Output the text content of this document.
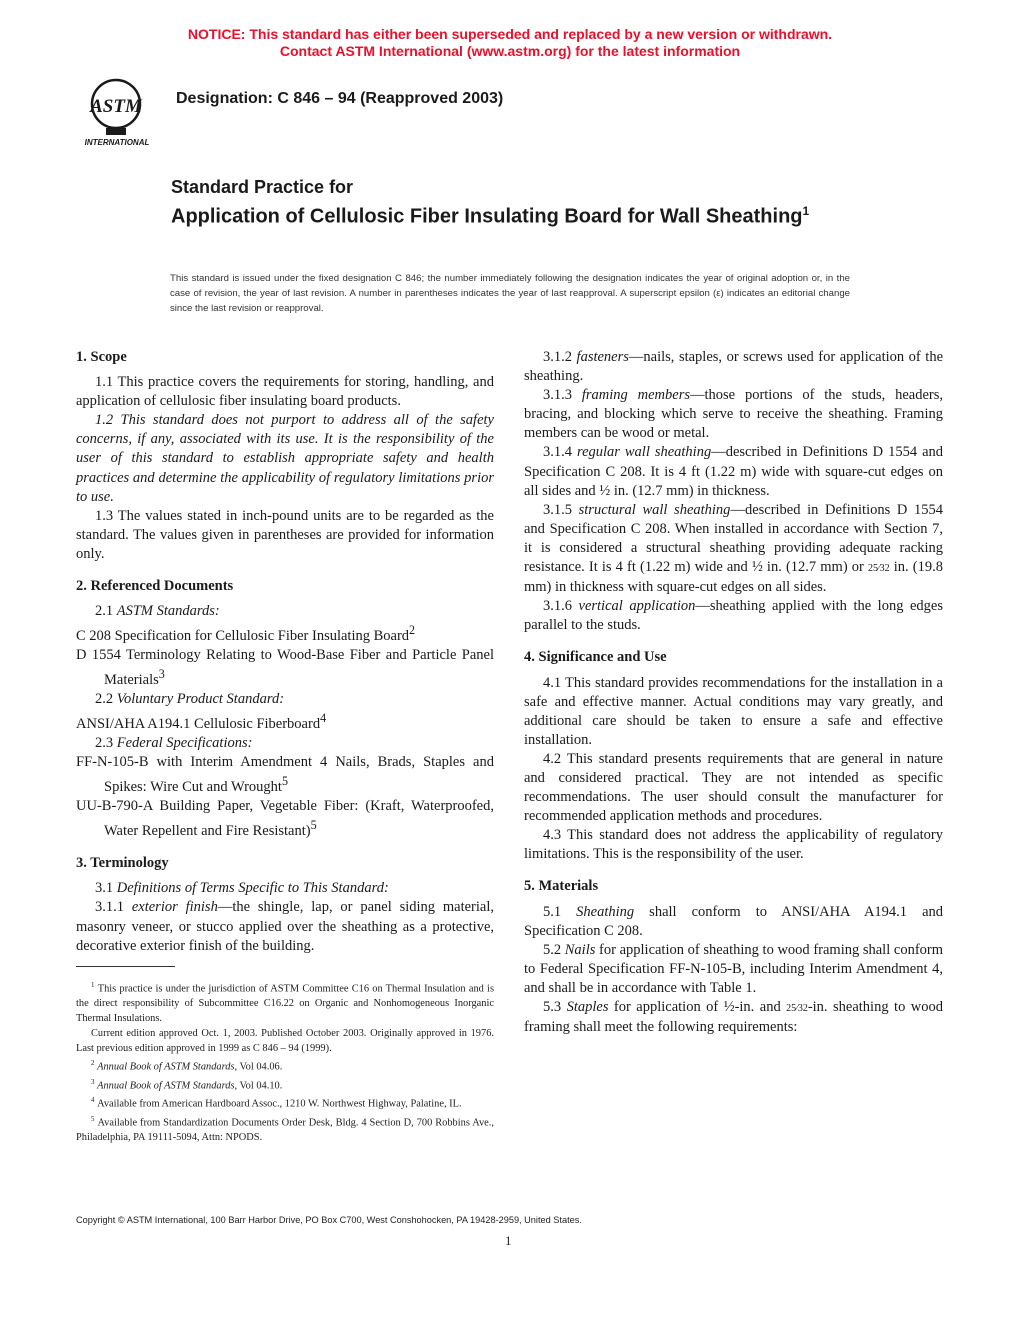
NOTICE: This standard has either been superseded and replaced by a new version or withdrawn.
Contact ASTM International (www.astm.org) for the latest information
ASTM
INTERNATIONAL
Designation: C 846 – 94 (Reapproved 2003)
Standard Practice for
Application of Cellulosic Fiber Insulating Board for Wall Sheathing$^1$
This standard is issued under the fixed designation C 846; the number immediately following the designation indicates the year of original adoption or, in the case of revision, the year of last revision. A number in parentheses indicates the year of last reapproval. A superscript epsilon (ε) indicates an editorial change since the last revision or reapproval.

1. Scope

1.1 This practice covers the requirements for storing, handling, and application of cellulosic fiber insulating board products.

1.2 This standard does not purport to address all of the safety concerns, if any, associated with its use. It is the responsibility of the user of this standard to establish appropriate safety and health practices and determine the applicability of regulatory limitations prior to use.

1.3 The values stated in inch-pound units are to be regarded as the standard. The values given in parentheses are provided for information only.

2. Referenced Documents

2.1 ASTM Standards:

C 208 Specification for Cellulosic Fiber Insulating Board$^2$

D 1554 Terminology Relating to Wood-Base Fiber and Particle Panel Materials$^3$

2.2 Voluntary Product Standard:

ANSI/AHA A194.1 Cellulosic Fiberboard$^4$

2.3 Federal Specifications:

FF-N-105-B with Interim Amendment 4 Nails, Brads, Staples and Spikes: Wire Cut and Wrought$^5$

UU-B-790-A Building Paper, Vegetable Fiber: (Kraft, Waterproofed, Water Repellent and Fire Resistant)$^5$

3. Terminology

3.1 Definitions of Terms Specific to This Standard:

3.1.1 exterior finish—the shingle, lap, or panel siding material, masonry veneer, or stucco applied over the sheathing as a protective, decorative exterior finish of the building.

3.1.2 fasteners—nails, staples, or screws used for application of the sheathing.

3.1.3 framing members—those portions of the studs, headers, bracing, and blocking which serve to receive the sheathing. Framing members can be wood or metal.

3.1.4 regular wall sheathing—described in Definitions D 1554 and Specification C 208. It is 4 ft (1.22 m) wide with square-cut edges on all sides and ½ in. (12.7 mm) in thickness.

3.1.5 structural wall sheathing—described in Definitions D 1554 and Specification C 208. When installed in accordance with Section 7, it is considered a structural sheathing providing adequate racking resistance. It is 4 ft (1.22 m) wide and ½ in. (12.7 mm) or 25⁄32 in. (19.8 mm) in thickness with square-cut edges on all sides.

3.1.6 vertical application—sheathing applied with the long edges parallel to the studs.

4. Significance and Use

4.1 This standard provides recommendations for the installation in a safe and effective manner. Actual conditions may vary greatly, and additional care should be taken to ensure a safe and effective installation.

4.2 This standard presents requirements that are general in nature and considered practical. They are not intended as specific recommendations. The user should consult the manufacturer for recommended application methods and procedures.

4.3 This standard does not address the applicability of regulatory limitations. This is the responsibility of the user.

5. Materials

5.1 Sheathing shall conform to ANSI/AHA A194.1 and Specification C 208.

5.2 Nails for application of sheathing to wood framing shall conform to Federal Specification FF-N-105-B, including Interim Amendment 4, and shall be in accordance with Table 1.

5.3 Staples for application of ½-in. and 25⁄32-in. sheathing to wood framing shall meet the following requirements:

$^1$ This practice is under the jurisdiction of ASTM Committee C16 on Thermal Insulation and is the direct responsibility of Subcommittee C16.22 on Organic and Nonhomogeneous Inorganic Thermal Insulations.

Current edition approved Oct. 1, 2003. Published October 2003. Originally approved in 1976. Last previous edition approved in 1999 as C 846 – 94 (1999).

$^2$ Annual Book of ASTM Standards, Vol 04.06.

$^3$ Annual Book of ASTM Standards, Vol 04.10.

$^4$ Available from American Hardboard Assoc., 1210 W. Northwest Highway, Palatine, IL.

$^5$ Available from Standardization Documents Order Desk, Bldg. 4 Section D, 700 Robbins Ave., Philadelphia, PA 19111-5094, Attn: NPODS.

Copyright © ASTM International, 100 Barr Harbor Drive, PO Box C700, West Conshohocken, PA 19428-2959, United States.
1
